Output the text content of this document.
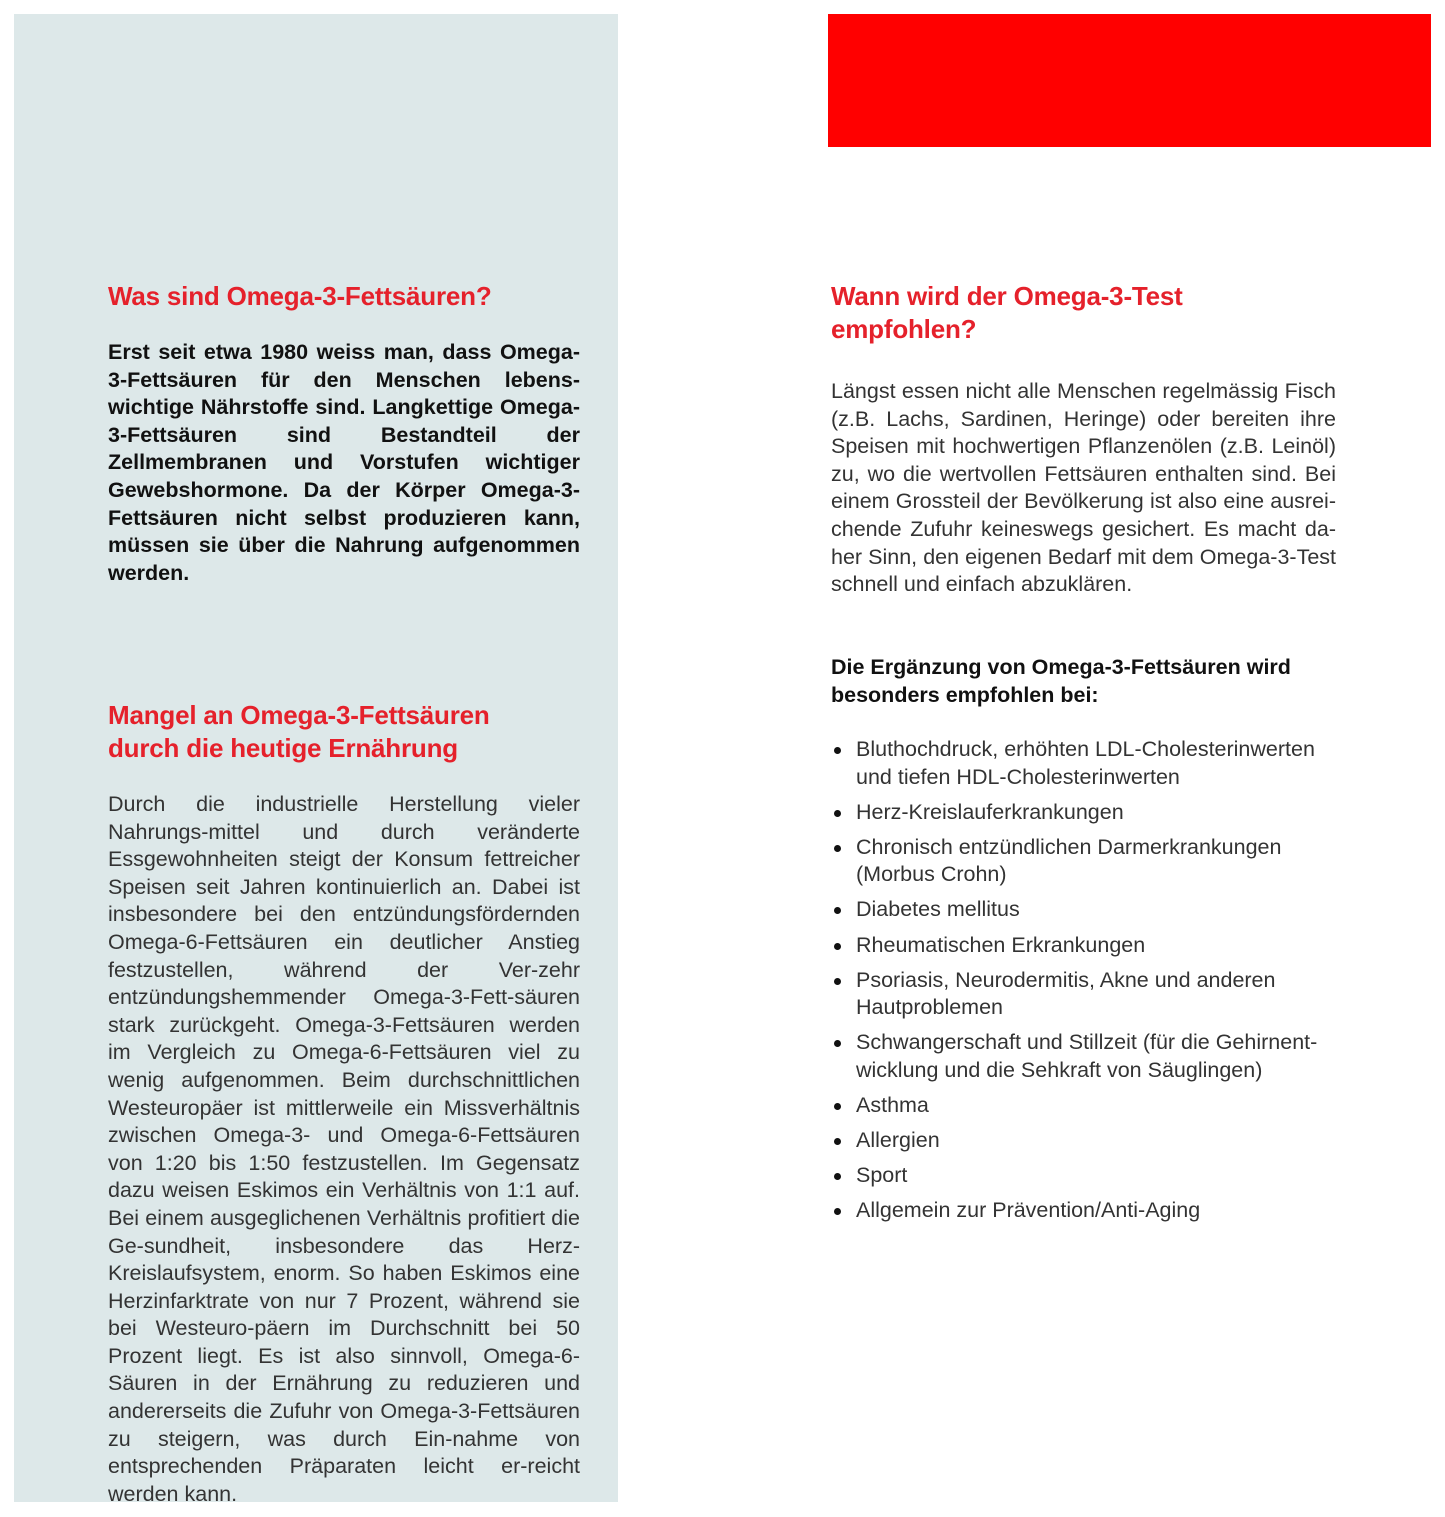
Was sind Omega-3-Fettsäuren?

Erst seit etwa 1980 weiss man, dass Omega-3-Fettsäuren für den Menschen lebens-wichtige Nährstoffe sind. Langkettige Omega-3-Fettsäuren sind Bestandteil der Zellmembranen und Vorstufen wichtiger Gewebshormone. Da der Körper Omega-3-Fettsäuren nicht selbst produzieren kann, müssen sie über die Nahrung aufgenommen werden.

Mangel an Omega-3-Fettsäuren durch die heutige Ernährung

Durch die industrielle Herstellung vieler Nahrungs-mittel und durch veränderte Essgewohnheiten steigt der Konsum fettreicher Speisen seit Jahren kontinuierlich an. Dabei ist insbesondere bei den entzündungsfördernden Omega-6-Fettsäuren ein deutlicher Anstieg festzustellen, während der Ver-zehr entzündungshemmender Omega-3-Fett-säuren stark zurückgeht. Omega-3-Fettsäuren werden im Vergleich zu Omega-6-Fettsäuren viel zu wenig aufgenommen. Beim durchschnittlichen Westeuropäer ist mittlerweile ein Missverhältnis zwischen Omega-3- und Omega-6-Fettsäuren von 1:20 bis 1:50 festzustellen. Im Gegensatz dazu weisen Eskimos ein Verhältnis von 1:1 auf. Bei einem ausgeglichenen Verhältnis profitiert die Ge-sundheit, insbesondere das Herz-Kreislaufsystem, enorm. So haben Eskimos eine Herzinfarktrate von nur 7 Prozent, während sie bei Westeuro-päern im Durchschnitt bei 50 Prozent liegt. Es ist also sinnvoll, Omega-6-Säuren in der Ernährung zu reduzieren und andererseits die Zufuhr von Omega-3-Fettsäuren zu steigern, was durch Ein-nahme von entsprechenden Präparaten leicht er-reicht werden kann.

Wann wird der Omega-3-Test empfohlen?

Längst essen nicht alle Menschen regelmässig Fisch (z.B. Lachs, Sardinen, Heringe) oder bereiten ihre Speisen mit hochwertigen Pflanzenölen (z.B. Leinöl) zu, wo die wertvollen Fettsäuren enthalten sind. Bei einem Grossteil der Bevölkerung ist also eine ausrei-chende Zufuhr keineswegs gesichert. Es macht da-her Sinn, den eigenen Bedarf mit dem Omega-3-Test schnell und einfach abzuklären.

Die Ergänzung von Omega-3-Fettsäuren wird besonders empfohlen bei:
Bluthochdruck, erhöhten LDL-Cholesterinwerten und tiefen HDL-Cholesterinwerten
Herz-Kreislauferkrankungen
Chronisch entzündlichen Darmerkrankungen (Morbus Crohn)
Diabetes mellitus
Rheumatischen Erkrankungen
Psoriasis, Neurodermitis, Akne und anderen Hautproblemen
Schwangerschaft und Stillzeit (für die Gehirnent-wicklung und die Sehkraft von Säuglingen)
Asthma
Allergien
Sport
Allgemein zur Prävention/Anti-Aging
